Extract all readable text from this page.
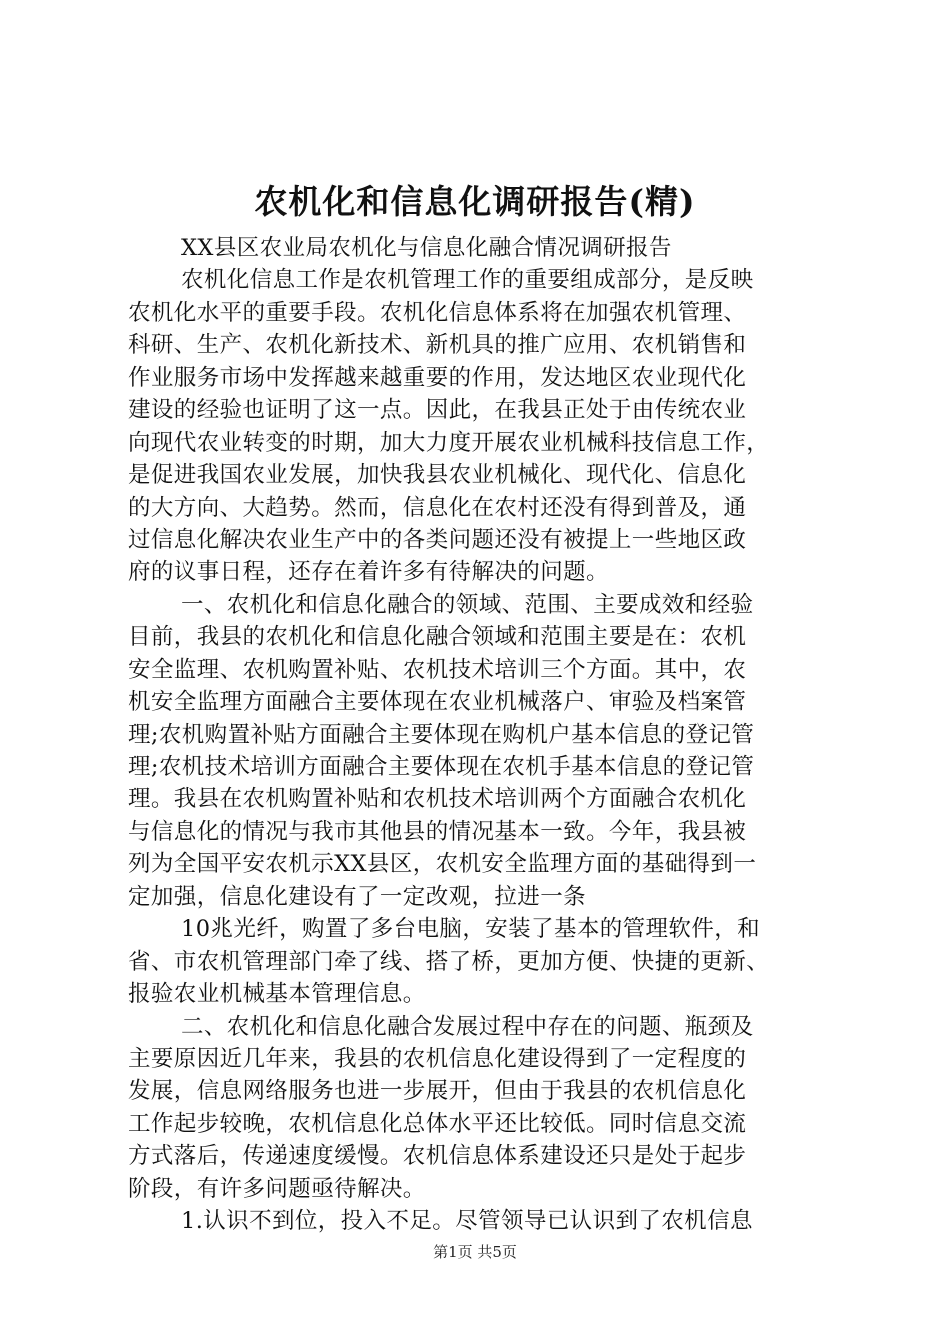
农机化和信息化调研报告(精)
XX县区农业局农机化与信息化融合情况调研报告
农机化信息工作是农机管理工作的重要组成部分，是反映
农机化水平的重要手段。农机化信息体系将在加强农机管理、
科研、生产、农机化新技术、新机具的推广应用、农机销售和
作业服务市场中发挥越来越重要的作用，发达地区农业现代化
建设的经验也证明了这一点。因此，在我县正处于由传统农业
向现代农业转变的时期，加大力度开展农业机械科技信息工作，
是促进我国农业发展，加快我县农业机械化、现代化、信息化
的大方向、大趋势。然而，信息化在农村还没有得到普及，通
过信息化解决农业生产中的各类问题还没有被提上一些地区政
府的议事日程，还存在着许多有待解决的问题。
一、农机化和信息化融合的领域、范围、主要成效和经验
目前，我县的农机化和信息化融合领域和范围主要是在：农机
安全监理、农机购置补贴、农机技术培训三个方面。其中，农
机安全监理方面融合主要体现在农业机械落户、审验及档案管
理;农机购置补贴方面融合主要体现在购机户基本信息的登记管
理;农机技术培训方面融合主要体现在农机手基本信息的登记管
理。我县在农机购置补贴和农机技术培训两个方面融合农机化
与信息化的情况与我市其他县的情况基本一致。今年，我县被
列为全国平安农机示XX县区，农机安全监理方面的基础得到一
定加强，信息化建设有了一定改观，拉进一条
10兆光纤，购置了多台电脑，安装了基本的管理软件，和
省、市农机管理部门牵了线、搭了桥，更加方便、快捷的更新、
报验农业机械基本管理信息。
二、农机化和信息化融合发展过程中存在的问题、瓶颈及
主要原因近几年来，我县的农机信息化建设得到了一定程度的
发展，信息网络服务也进一步展开，但由于我县的农机信息化
工作起步较晚，农机信息化总体水平还比较低。同时信息交流
方式落后，传递速度缓慢。农机信息体系建设还只是处于起步
阶段，有许多问题亟待解决。
1.认识不到位，投入不足。尽管领导已认识到了农机信息
第1页 共5页
